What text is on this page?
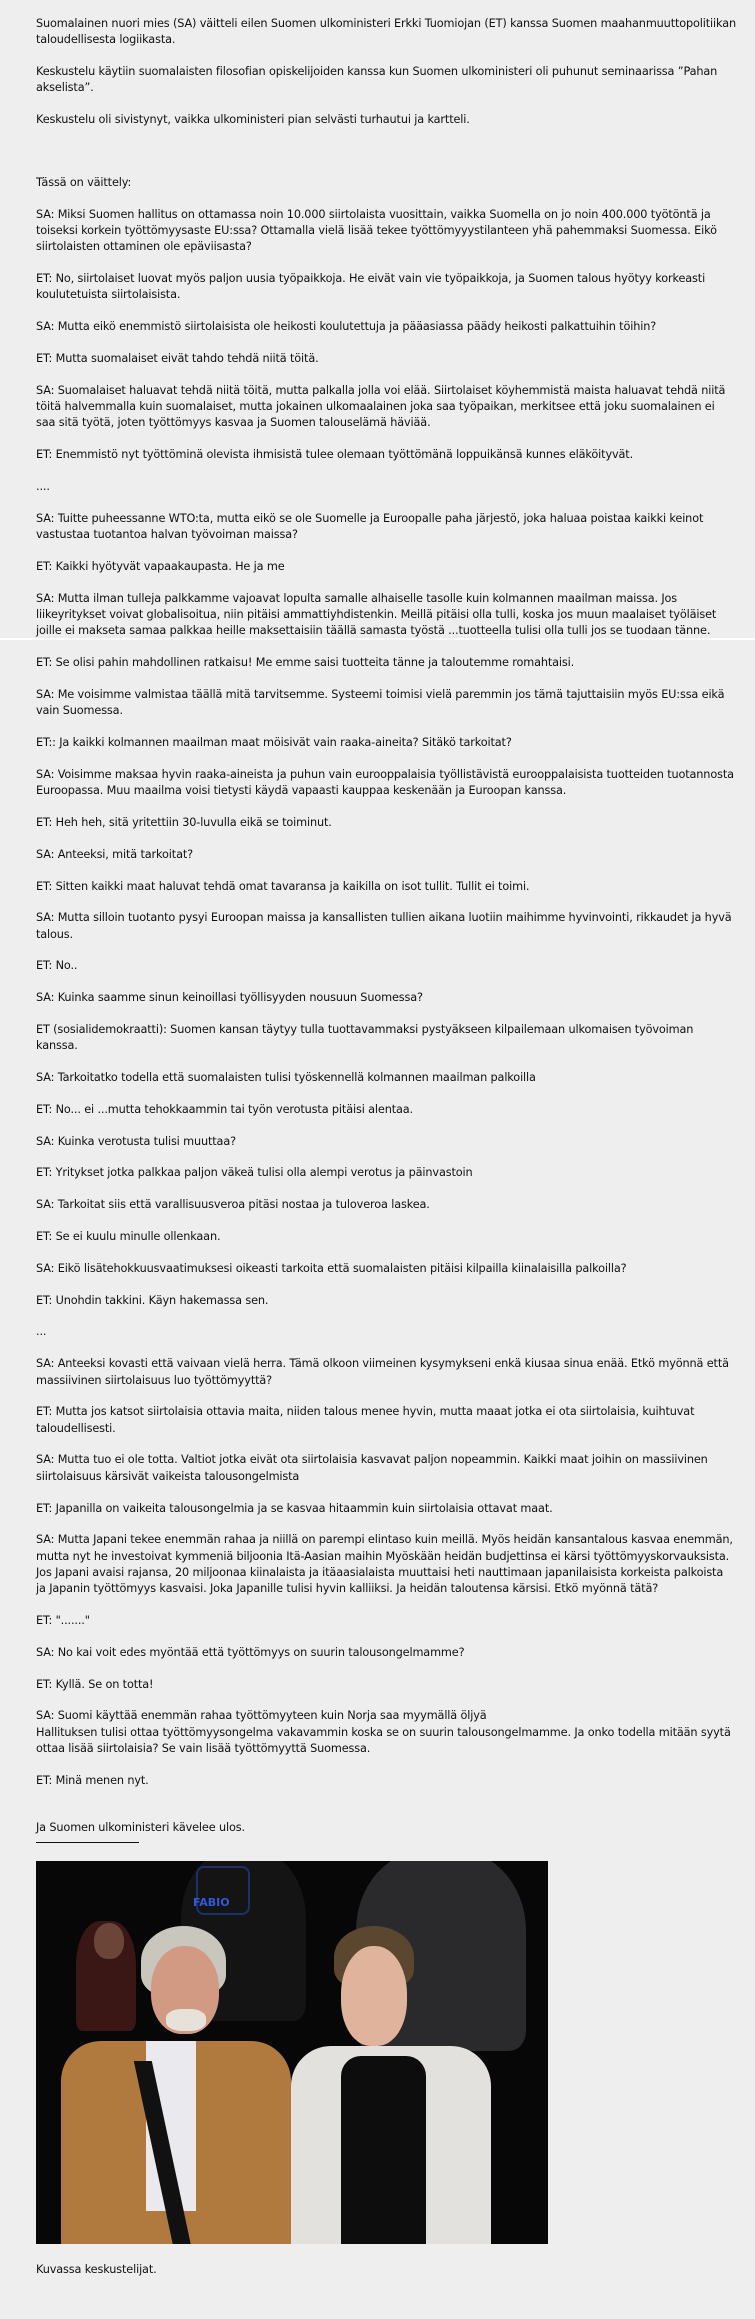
Suomalainen nuori mies (SA) väitteli eilen Suomen ulkoministeri Erkki Tuomiojan (ET) kanssa Suomen maahanmuuttopolitiikan taloudellisesta logiikasta.

Keskustelu käytiin suomalaisten filosofian opiskelijoiden kanssa kun Suomen ulkoministeri oli puhunut seminaarissa ”Pahan akselista”.

Keskustelu oli sivistynyt, vaikka ulkoministeri pian selvästi turhautui ja kartteli.

Tässä on väittely:

SA: Miksi Suomen hallitus on ottamassa noin 10.000 siirtolaista vuosittain, vaikka Suomella on jo noin 400.000 työtöntä ja toiseksi korkein työttömyysaste EU:ssa? Ottamalla vielä lisää tekee työttömyyystilanteen yhä pahemmaksi Suomessa. Eikö siirtolaisten ottaminen ole epäviisasta?

ET: No, siirtolaiset luovat myös paljon uusia työpaikkoja. He eivät vain vie työpaikkoja, ja Suomen talous hyötyy korkeasti koulutetuista siirtolaisista.

SA: Mutta eikö enemmistö siirtolaisista ole heikosti koulutettuja ja pääasiassa päädy heikosti palkattuihin töihin?

ET: Mutta suomalaiset eivät tahdo tehdä niitä töitä.

SA: Suomalaiset haluavat tehdä niitä töitä, mutta palkalla jolla voi elää. Siirtolaiset köyhemmistä maista haluavat tehdä niitä töitä halvemmalla kuin suomalaiset, mutta jokainen ulkomaalainen joka saa työpaikan, merkitsee että joku suomalainen ei saa sitä työtä, joten työttömyys kasvaa ja Suomen talouselämä häviää.

ET: Enemmistö nyt työttöminä olevista ihmisistä tulee olemaan työttömänä loppuikänsä kunnes eläköityvät.

....

SA: Tuitte puheessanne WTO:ta, mutta eikö se ole Suomelle ja Euroopalle paha järjestö, joka haluaa poistaa kaikki keinot vastustaa tuotantoa halvan työvoiman maissa?

ET: Kaikki hyötyvät vapaakaupasta. He ja me

SA: Mutta ilman tulleja palkkamme vajoavat lopulta samalle alhaiselle tasolle kuin kolmannen maailman maissa. Jos liikeyritykset voivat globalisoitua, niin pitäisi ammattiyhdistenkin. Meillä pitäisi olla tulli, koska jos muun maalaiset työläiset joille ei makseta samaa palkkaa heille maksettaisiin täällä samasta työstä ...tuotteella tulisi olla tulli jos se tuodaan tänne.

ET: Se olisi pahin mahdollinen ratkaisu! Me emme saisi tuotteita tänne ja taloutemme romahtaisi.

SA: Me voisimme valmistaa täällä mitä tarvitsemme. Systeemi toimisi vielä paremmin jos tämä tajuttaisiin myös EU:ssa eikä vain Suomessa.

ET:: Ja kaikki kolmannen maailman maat möisivät vain raaka-aineita? Sitäkö tarkoitat?

SA: Voisimme maksaa hyvin raaka-aineista ja puhun vain eurooppalaisia työllistävistä eurooppalaisista tuotteiden tuotannosta Euroopassa. Muu maailma voisi tietysti käydä vapaasti kauppaa keskenään ja Euroopan kanssa.

ET: Heh heh, sitä yritettiin 30-luvulla eikä se toiminut.

SA: Anteeksi, mitä tarkoitat?

ET: Sitten kaikki maat haluvat tehdä omat tavaransa ja kaikilla on isot tullit. Tullit ei toimi.

SA: Mutta silloin tuotanto pysyi Euroopan maissa ja kansallisten tullien aikana luotiin maihimme hyvinvointi, rikkaudet ja hyvä talous.

ET: No..

SA: Kuinka saamme sinun keinoillasi työllisyyden nousuun Suomessa?

ET (sosialidemokraatti): Suomen kansan täytyy tulla tuottavammaksi pystyäkseen kilpailemaan ulkomaisen työvoiman kanssa.

SA: Tarkoitatko todella että suomalaisten tulisi työskennellä kolmannen maailman palkoilla

ET: No... ei ...mutta tehokkaammin tai työn verotusta pitäisi alentaa.

SA: Kuinka verotusta tulisi muuttaa?

ET: Yritykset jotka palkkaa paljon väkeä tulisi olla alempi verotus ja päinvastoin

SA: Tarkoitat siis että varallisuusveroa pitäsi nostaa ja tuloveroa laskea.

ET: Se ei kuulu minulle ollenkaan.

SA: Eikö lisätehokkuusvaatimuksesi oikeasti tarkoita että suomalaisten pitäisi kilpailla kiinalaisilla palkoilla?

ET: Unohdin takkini. Käyn hakemassa sen.

...

SA: Anteeksi kovasti että vaivaan vielä herra. Tämä olkoon viimeinen kysymykseni enkä kiusaa sinua enää. Etkö myönnä että massiivinen siirtolaisuus luo työttömyyttä?

ET: Mutta jos katsot siirtolaisia ottavia maita, niiden talous menee hyvin, mutta maaat jotka ei ota siirtolaisia, kuihtuvat taloudellisesti.

SA: Mutta tuo ei ole totta. Valtiot jotka eivät ota siirtolaisia kasvavat paljon nopeammin. Kaikki maat joihin on massiivinen siirtolaisuus kärsivät vaikeista talousongelmista

ET: Japanilla on vaikeita talousongelmia ja se kasvaa hitaammin kuin siirtolaisia ottavat maat.

SA: Mutta Japani tekee enemmän rahaa ja niillä on parempi elintaso kuin meillä. Myös heidän kansantalous kasvaa enemmän, mutta nyt he investoivat kymmeniä biljoonia Itä-Aasian maihin Myöskään heidän budjettinsa ei kärsi työttömyyskorvauksista. Jos Japani avaisi rajansa, 20 miljoonaa kiinalaista ja itäaasialaista muuttaisi heti nauttimaan japanilaisista korkeista palkoista ja Japanin työttömyys kasvaisi. Joka Japanille tulisi hyvin kalliiksi. Ja heidän taloutensa kärsisi. Etkö myönnä tätä?

ET: "......."

SA: No kai voit edes myöntää että työttömyys on suurin talousongelmamme?

ET: Kyllä. Se on totta!

SA: Suomi käyttää enemmän rahaa työttömyyteen kuin Norja saa myymällä öljyä
Hallituksen tulisi ottaa työttömyysongelma vakavammin koska se on suurin talousongelmamme. Ja onko todella mitään syytä ottaa lisää siirtolaisia? Se vain lisää työttömyyttä Suomessa.

ET: Minä menen nyt.

Ja Suomen ulkoministeri kävelee ulos.

FABIO

Kuvassa keskustelijat.
